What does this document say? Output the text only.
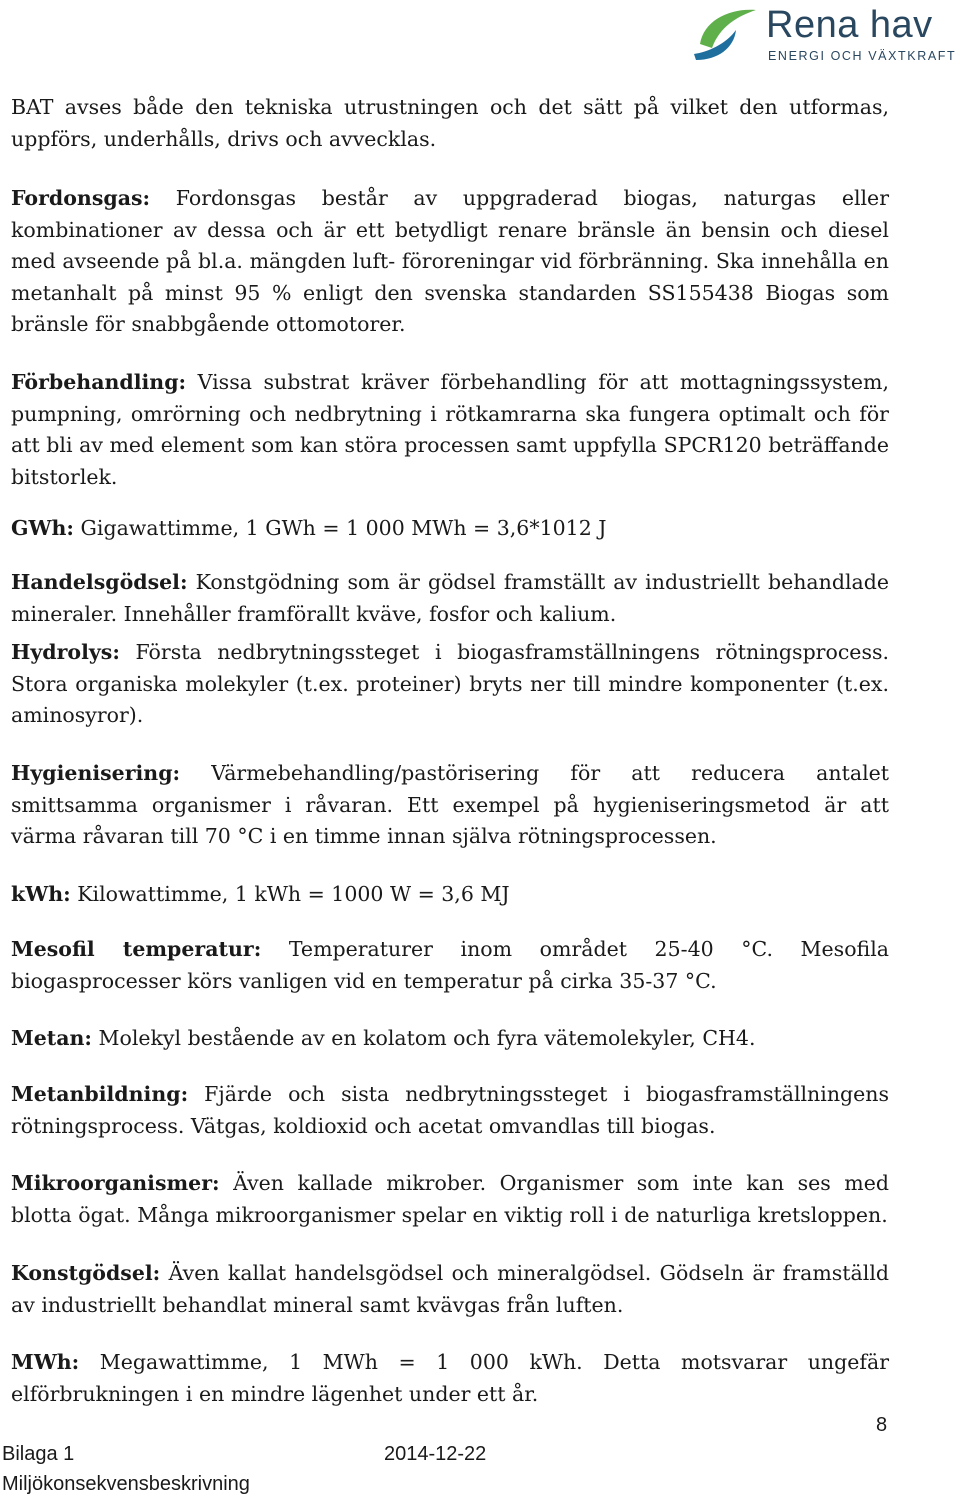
Rena hav
ENERGI OCH VÄXTKRAFT

BAT avses både den tekniska utrustningen och det sätt på vilket den utformas, uppförs, underhålls, drivs och avvecklas.

Fordonsgas: Fordonsgas består av uppgraderad biogas, naturgas eller kombinationer av dessa och är ett betydligt renare bränsle än bensin och diesel med avseende på bl.a. mängden luft- föroreningar vid förbränning. Ska innehålla en metanhalt på minst 95 % enligt den svenska standarden SS155438 Biogas som bränsle för snabbgående ottomotorer.

Förbehandling: Vissa substrat kräver förbehandling för att mottagningssystem, pumpning, omrörning och nedbrytning i rötkamrarna ska fungera optimalt och för att bli av med element som kan störa processen samt uppfylla SPCR120 beträffande bitstorlek.

GWh: Gigawattimme, 1 GWh = 1 000 MWh = 3,6*1012 J

Handelsgödsel: Konstgödning som är gödsel framställt av industriellt behandlade mineraler. Innehåller framförallt kväve, fosfor och kalium.

Hydrolys: Första nedbrytningssteget i biogasframställningens rötningsprocess. Stora organiska molekyler (t.ex. proteiner) bryts ner till mindre komponenter (t.ex. aminosyror).

Hygienisering: Värmebehandling/pastörisering för att reducera antalet smittsamma organismer i råvaran. Ett exempel på hygieniseringsmetod är att värma råvaran till 70 °C i en timme innan själva rötningsprocessen.

kWh: Kilowattimme, 1 kWh = 1000 W = 3,6 MJ

Mesofil temperatur: Temperaturer inom området 25-40 °C. Mesofila biogasprocesser körs vanligen vid en temperatur på cirka 35-37 °C.

Metan: Molekyl bestående av en kolatom och fyra vätemolekyler, CH4.

Metanbildning: Fjärde och sista nedbrytningssteget i biogasframställningens rötningsprocess. Vätgas, koldioxid och acetat omvandlas till biogas.

Mikroorganismer: Även kallade mikrober. Organismer som inte kan ses med blotta ögat. Många mikroorganismer spelar en viktig roll i de naturliga kretsloppen.

Konstgödsel: Även kallat handelsgödsel och mineralgödsel. Gödseln är framställd av industriellt behandlat mineral samt kvävgas från luften.

MWh: Megawattimme, 1 MWh = 1 000 kWh. Detta motsvarar ungefär elförbrukningen i en mindre lägenhet under ett år.

8
Bilaga 1
Miljökonsekvensbeskrivning
2014-12-22
